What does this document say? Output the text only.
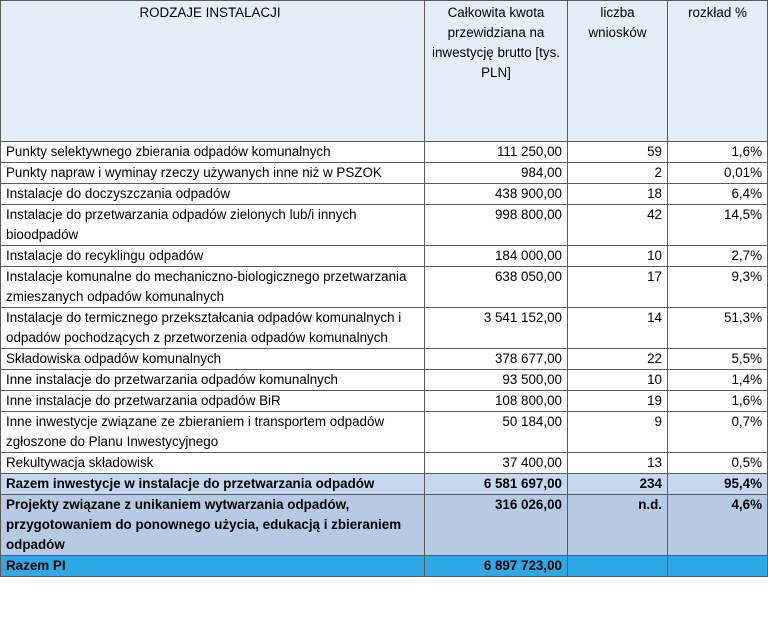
RODZAJE INSTALACJI	Całkowita kwota przewidziana na inwestycję brutto [tys. PLN]	liczba wniosków	rozkład %
Punkty selektywnego zbierania odpadów komunalnych	111 250,00	59	1,6%
Punkty napraw i wyminay rzeczy używanych inne niż w PSZOK	984,00	2	0,01%
Instalacje do doczyszczania odpadów	438 900,00	18	6,4%
Instalacje do przetwarzania odpadów zielonych lub/i innych bioodpadów	998 800,00	42	14,5%
Instalacje do recyklingu odpadów	184 000,00	10	2,7%
Instalacje komunalne do mechaniczno-biologicznego przetwarzania zmieszanych odpadów komunalnych	638 050,00	17	9,3%
Instalacje do termicznego przekształcania odpadów komunalnych i odpadów pochodzących z przetworzenia odpadów komunalnych	3 541 152,00	14	51,3%
Składowiska odpadów komunalnych	378 677,00	22	5,5%
Inne instalacje do przetwarzania odpadów komunalnych	93 500,00	10	1,4%
Inne instalacje do przetwarzania odpadów BiR	108 800,00	19	1,6%
Inne inwestycje związane ze zbieraniem i transportem odpadów zgłoszone do Planu Inwestycyjnego	50 184,00	9	0,7%
Rekultywacja składowisk	37 400,00	13	0,5%
Razem inwestycje w instalacje do przetwarzania odpadów	6 581 697,00	234	95,4%
Projekty związane z unikaniem wytwarzania odpadów, przygotowaniem do ponownego użycia, edukacją i zbieraniem odpadów	316 026,00	n.d.	4,6%
Razem PI	6 897 723,00		
